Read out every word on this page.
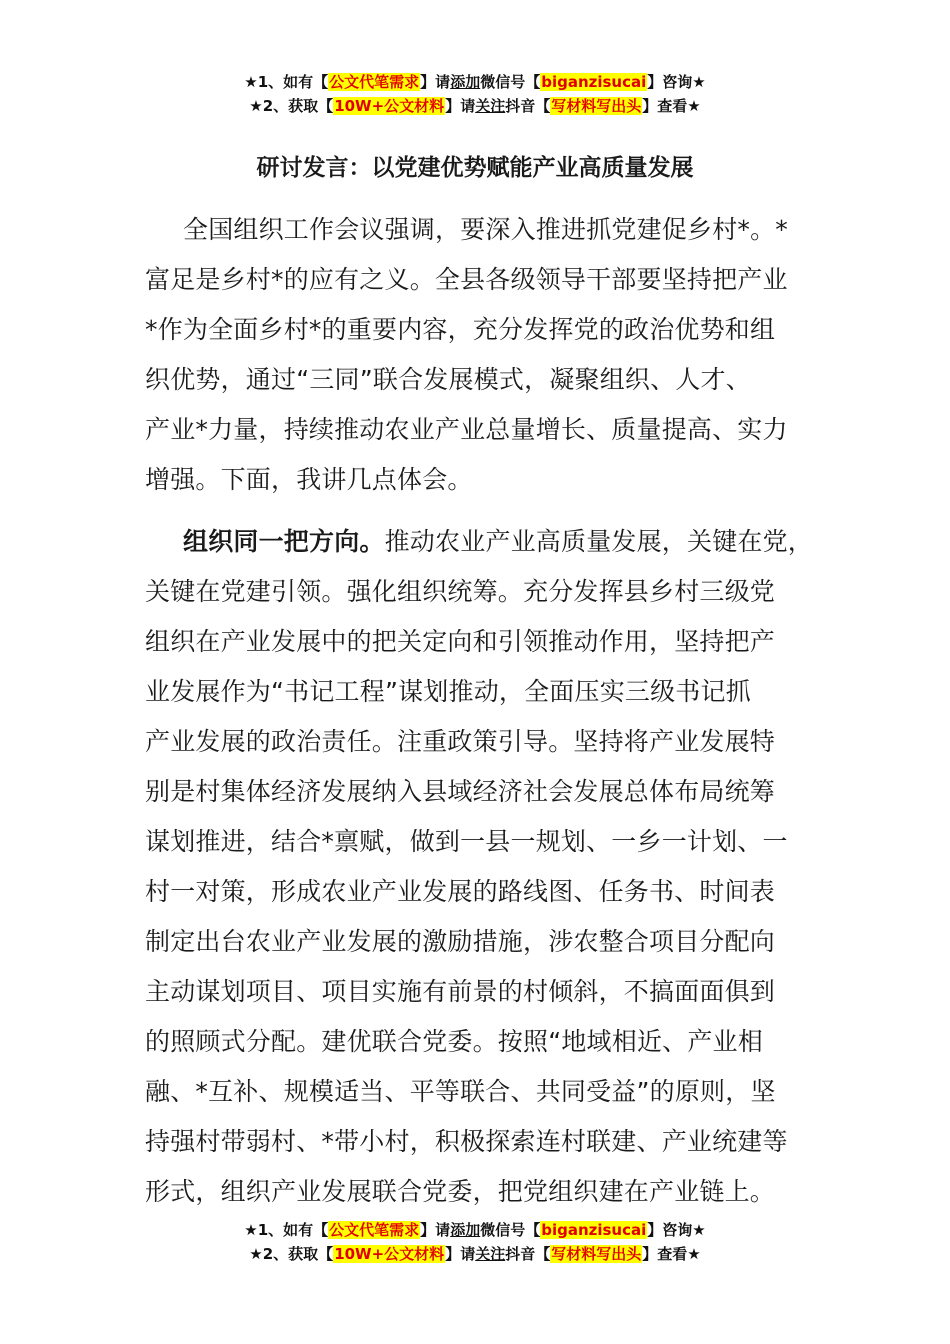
★1、如有【公文代笔需求】请添加微信号【biganzisucai】咨询★
★2、获取【10W+公文材料】请关注抖音【写材料写出头】查看★
研讨发言：以党建优势赋能产业高质量发展
全国组织工作会议强调，要深入推进抓党建促乡村*。*
富足是乡村*的应有之义。全县各级领导干部要坚持把产业
*作为全面乡村*的重要内容，充分发挥党的政治优势和组
织优势，通过“三同”联合发展模式，凝聚组织、人才、
产业*力量，持续推动农业产业总量增长、质量提高、实力
增强。下面，我讲几点体会。
组织同一把方向。推动农业产业高质量发展，关键在党，
关键在党建引领。强化组织统筹。充分发挥县乡村三级党
组织在产业发展中的把关定向和引领推动作用，坚持把产
业发展作为“书记工程”谋划推动，全面压实三级书记抓
产业发展的政治责任。注重政策引导。坚持将产业发展特
别是村集体经济发展纳入县域经济社会发展总体布局统筹
谋划推进，结合*禀赋，做到一县一规划、一乡一计划、一
村一对策，形成农业产业发展的路线图、任务书、时间表
制定出台农业产业发展的激励措施，涉农整合项目分配向
主动谋划项目、项目实施有前景的村倾斜，不搞面面俱到
的照顾式分配。建优联合党委。按照“地域相近、产业相
融、*互补、规模适当、平等联合、共同受益”的原则，坚
持强村带弱村、*带小村，积极探索连村联建、产业统建等
形式，组织产业发展联合党委，把党组织建在产业链上。
★1、如有【公文代笔需求】请添加微信号【biganzisucai】咨询★
★2、获取【10W+公文材料】请关注抖音【写材料写出头】查看★
